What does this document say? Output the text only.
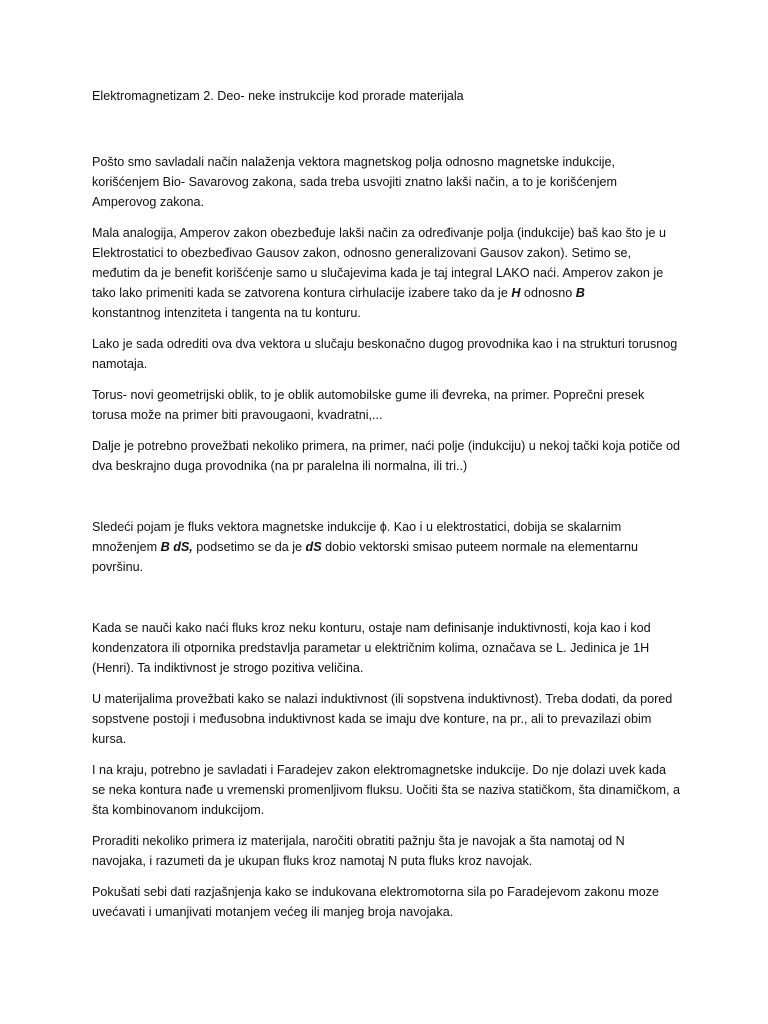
Elektromagnetizam 2. Deo- neke instrukcije kod prorade materijala

Pošto smo savladali način nalaženja vektora magnetskog polja odnosno magnetske indukcije, korišćenjem Bio- Savarovog zakona, sada treba usvojiti znatno lakši način, a to je korišćenjem Amperovog zakona.

Mala analogija, Amperov zakon obezbeđuje lakši način za određivanje polja (indukcije) baš kao što je u Elektrostatici to obezbeđivao Gausov zakon, odnosno generalizovani Gausov zakon). Setimo se, međutim da je benefit korišćenje samo u slučajevima kada je taj integral LAKO naći. Amperov zakon je tako lako primeniti kada se zatvorena kontura cirhulacije izabere tako da je H odnosno B
konstantnog intenziteta i tangenta na tu konturu.

Lako je sada odrediti ova dva vektora u slučaju beskonačno dugog provodnika kao i na strukturi torusnog namotaja.

Torus- novi geometrijski oblik, to je oblik automobilske gume ili đevreka, na primer. Poprečni presek torusa može na primer biti pravougaoni, kvadratni,...

Dalje je potrebno provežbati nekoliko primera, na primer, naći polje (indukciju) u nekoj tački koja potiče od dva beskrajno duga provodnika (na pr paralelna ili normalna, ili tri..)

Sledeći pojam je fluks vektora magnetske indukcije ϕ. Kao i u elektrostatici, dobija se skalarnim množenjem B dS, podsetimo se da je dS dobio vektorski smisao puteem normale na elementarnu površinu.

Kada se nauči kako naći fluks kroz neku konturu, ostaje nam definisanje induktivnosti, koja kao i kod kondenzatora ili otpornika predstavlja parametar u električnim kolima, označava se L. Jedinica je 1H (Henri). Ta indiktivnost je strogo pozitiva veličina.

U materijalima provežbati kako se nalazi induktivnost (ili sopstvena induktivnost). Treba dodati, da pored sopstvene postoji i međusobna induktivnost kada se imaju dve konture, na pr., ali to prevazilazi obim kursa.

I na kraju, potrebno je savladati i Faradejev zakon elektromagnetske indukcije. Do nje dolazi uvek kada se neka kontura nađe u vremenski promenljivom fluksu. Uočiti šta se naziva statičkom, šta dinamičkom, a šta kombinovanom indukcijom.

Proraditi nekoliko primera iz materijala, naročiti obratiti pažnju šta je navojak a šta namotaj od N navojaka, i razumeti da je ukupan fluks kroz namotaj N puta fluks kroz navojak.

Pokušati sebi dati razjašnjenja kako se indukovana elektromotorna sila po Faradejevom zakonu moze uvećavati i umanjivati motanjem većeg ili manjeg broja navojaka.
